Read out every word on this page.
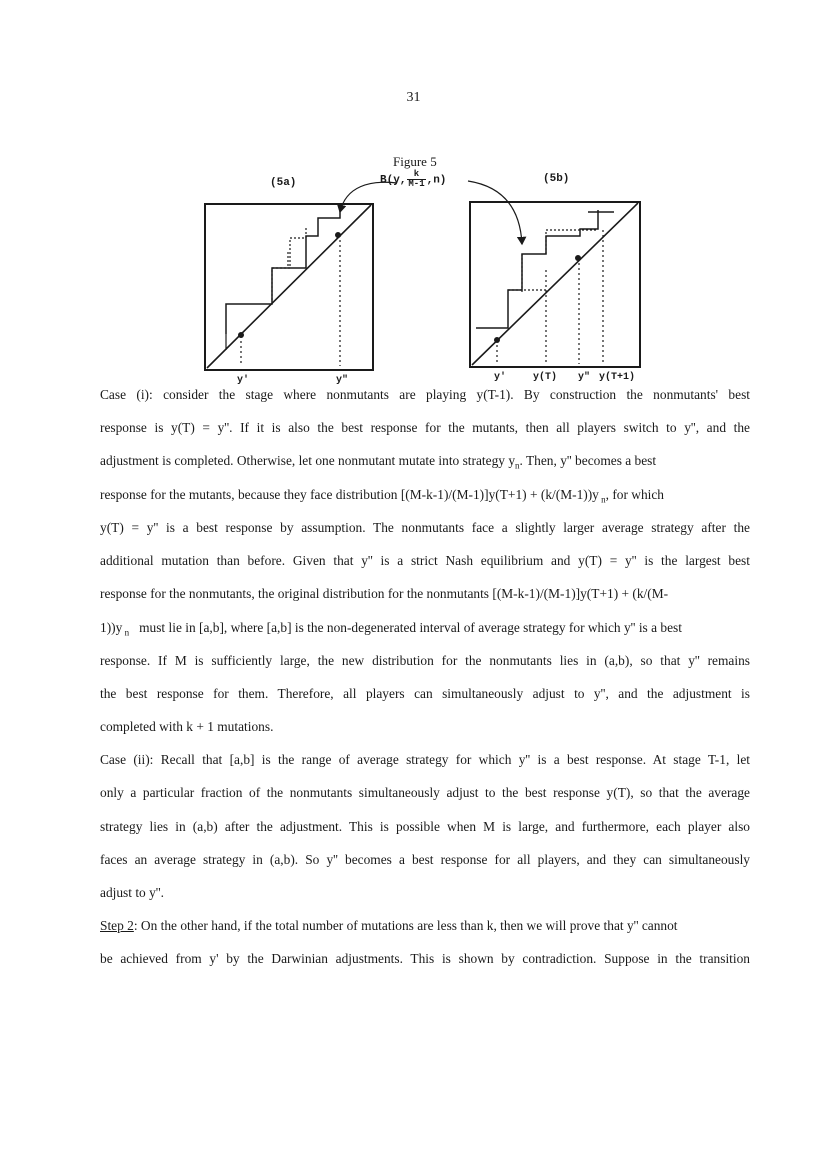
31
Figure 5
(5a)	(5b)
B(y, $\frac{k}{M-1} ,n$)
y'	y"	y'	y(T) y" y(T+1)
Case (i): consider the stage where nonmutants are playing y(T-1). By construction the nonmutants' best
response is y(T) = y''. If it is also the best response for the mutants, then all players switch to y'', and the
adjustment is completed. Otherwise, let one nonmutant mutate into strategy $y_n$. Then, y'' becomes a best
response for the mutants, because they face distribution [(M-k-1)/(M-1)]y(T+1) + (k/(M-1))y $_n$, for which
y(T) = y'' is a best response by assumption. The nonmutants face a slightly larger average strategy after the
additional mutation than before. Given that y'' is a strict Nash equilibrium and y(T) = y'' is the largest best
response for the nonmutants, the original distribution for the nonmutants [(M-k-1)/(M-1)]y(T+1) + (k/(M-
1))y $_n$ must lie in [a,b], where [a,b] is the non-degenerated interval of average strategy for which y'' is a best
response. If M is sufficiently large, the new distribution for the nonmutants lies in (a,b), so that y'' remains
the best response for them. Therefore, all players can simultaneously adjust to y'', and the adjustment is
completed with k + 1 mutations.
Case (ii): Recall that [a,b] is the range of average strategy for which y'' is a best response. At stage T-1, let
only a particular fraction of the nonmutants simultaneously adjust to the best response y(T), so that the average
strategy lies in (a,b) after the adjustment. This is possible when M is large, and furthermore, each player also
faces an average strategy in (a,b). So y'' becomes a best response for all players, and they can simultaneously
adjust to y''.
Step 2: On the other hand, if the total number of mutations are less than k, then we will prove that y'' cannot
be achieved from y' by the Darwinian adjustments. This is shown by contradiction. Suppose in the transition
